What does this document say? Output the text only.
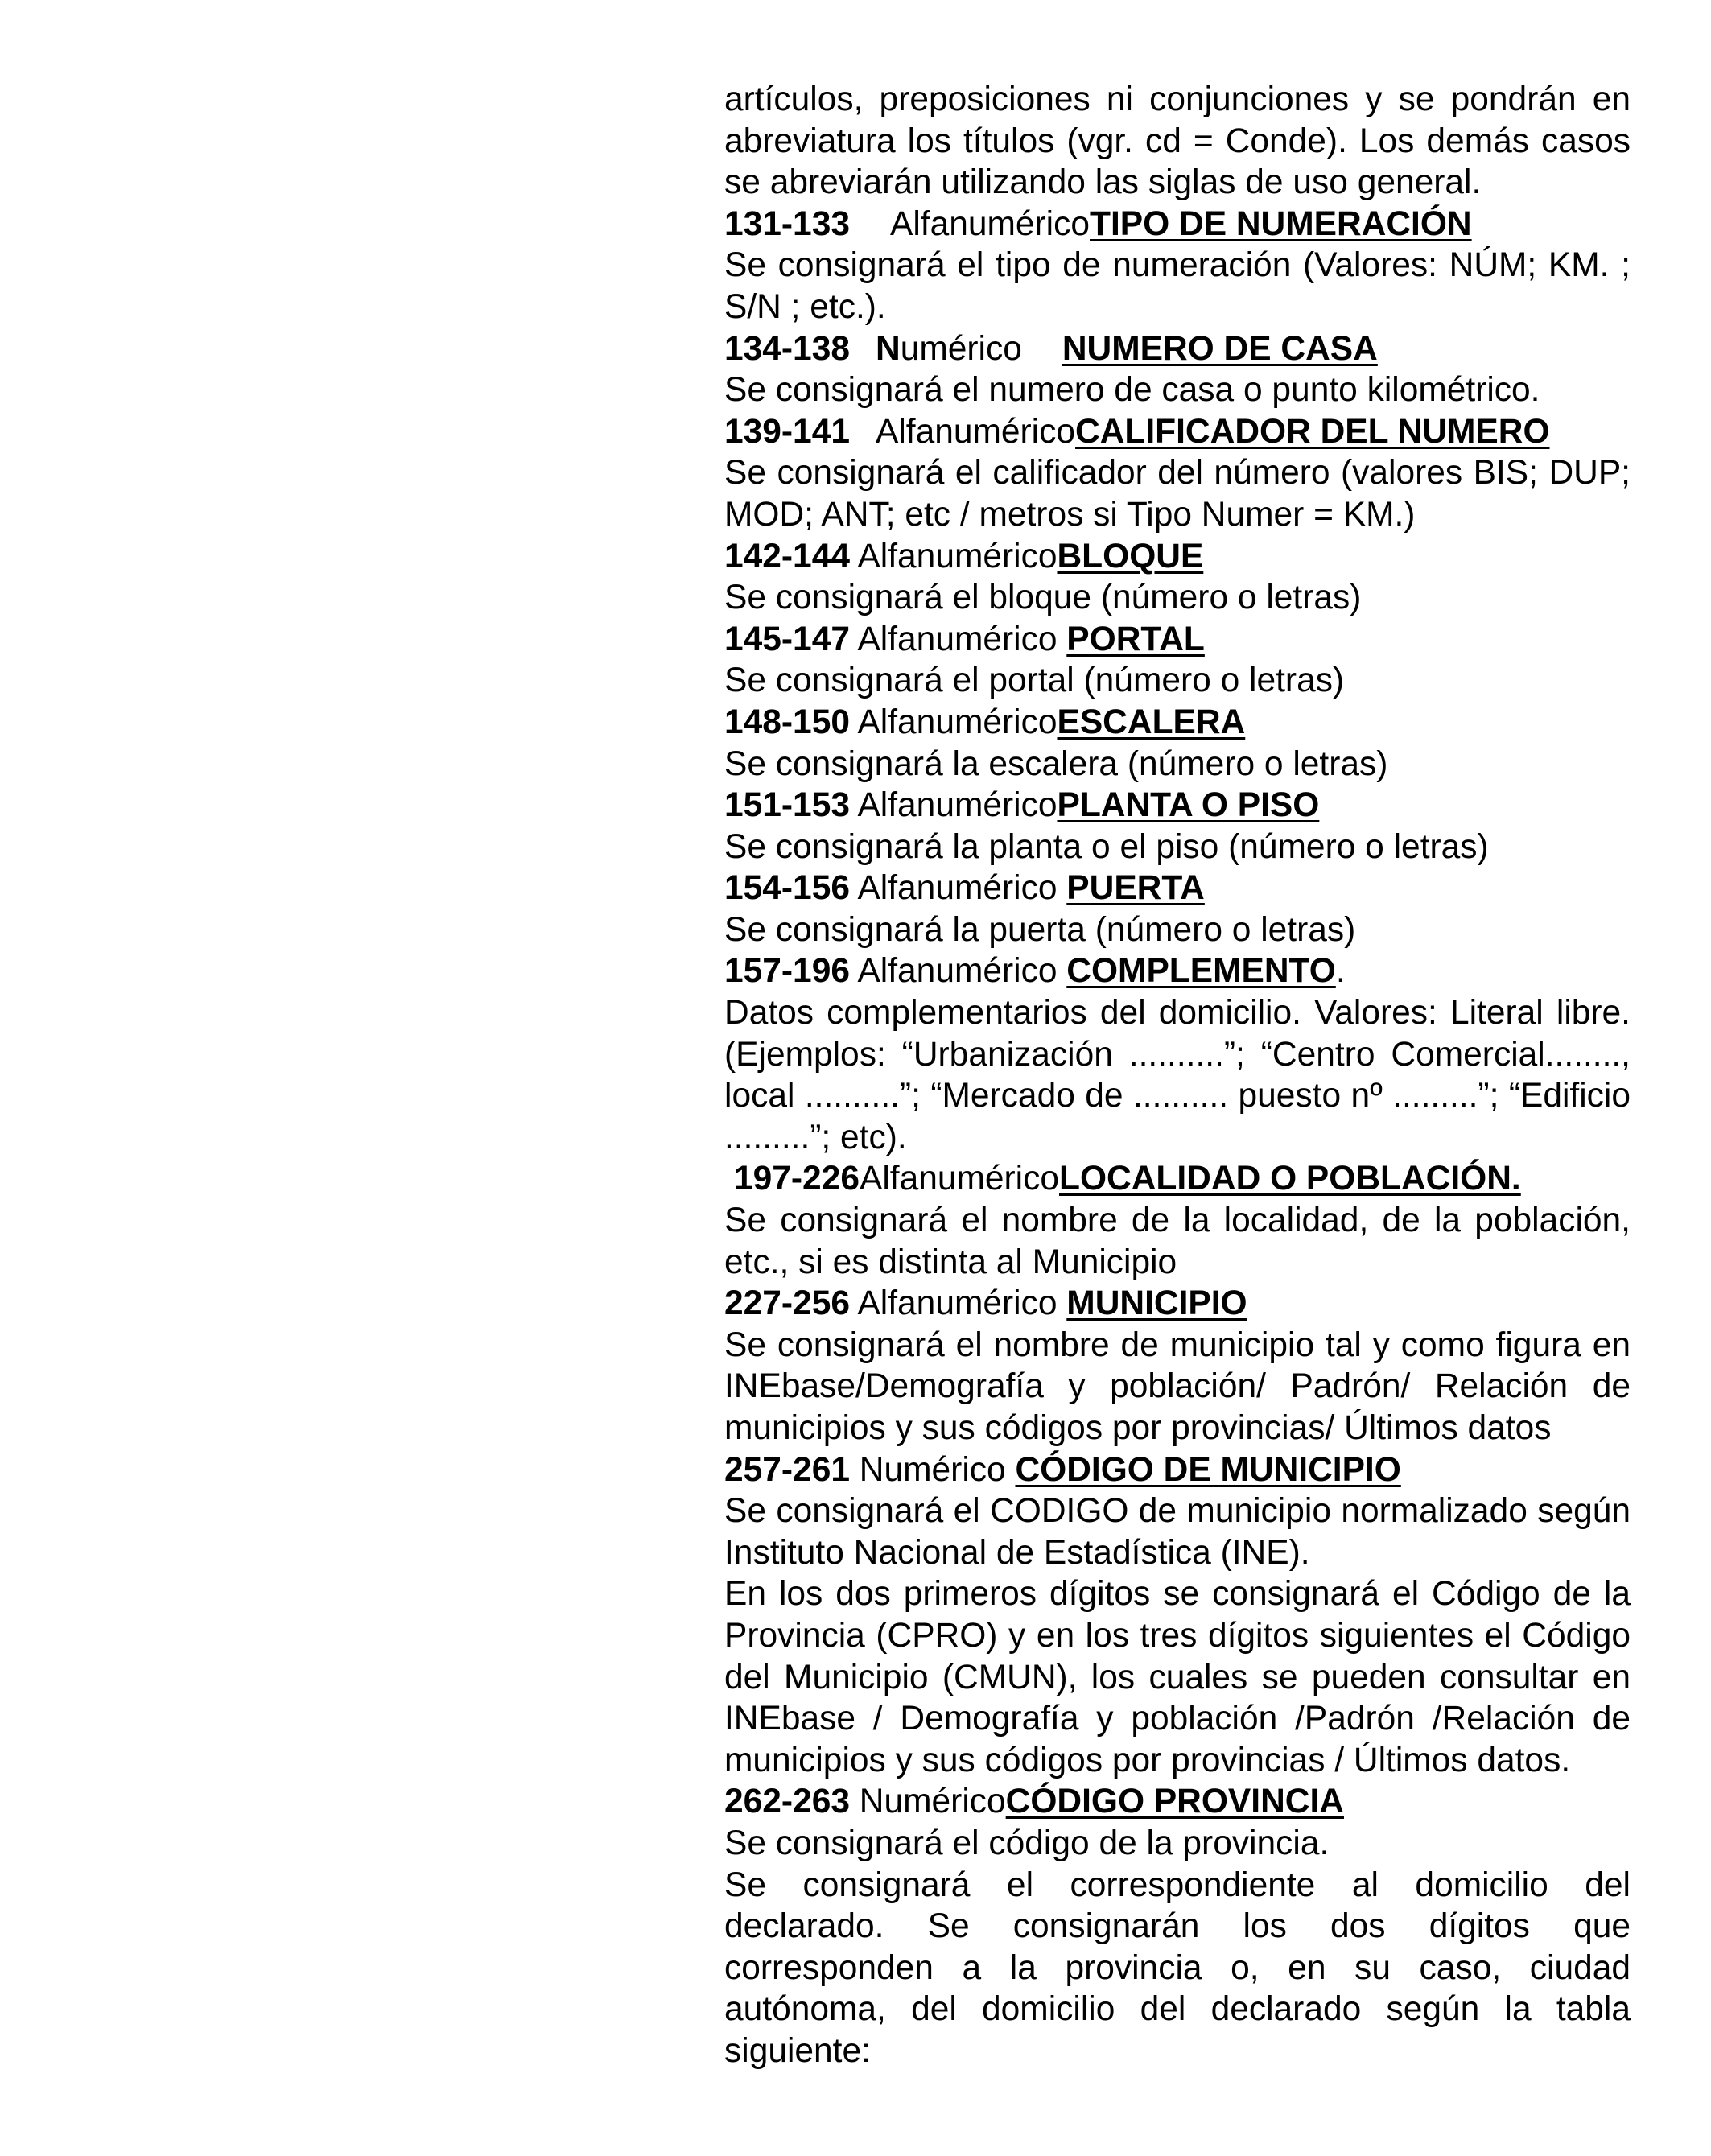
artículos, preposiciones ni conjunciones y se pondrán en abreviatura los títulos (vgr. cd = Conde). Los demás casos se abreviarán utilizando las siglas de uso general.

131-133 AlfanuméricoTIPO DE NUMERACIÓN

Se consignará el tipo de numeración (Valores: NÚM; KM. ; S/N ; etc.).

134-138 Numérico NUMERO DE CASA

Se consignará el numero de casa o punto kilométrico.

139-141 AlfanuméricoCALIFICADOR DEL NUMERO

Se consignará el calificador del número (valores BIS; DUP; MOD; ANT; etc / metros si Tipo Numer = KM.)

142-144 AlfanuméricoBLOQUE

Se consignará el bloque (número o letras)

145-147 Alfanumérico PORTAL

Se consignará el portal (número o letras)

148-150 AlfanuméricoESCALERA

Se consignará la escalera (número o letras)

151-153 AlfanuméricoPLANTA O PISO

Se consignará la planta o el piso (número o letras)

154-156 Alfanumérico PUERTA

Se consignará la puerta (número o letras)

157-196 Alfanumérico COMPLEMENTO.

Datos complementarios del domicilio. Valores: Literal libre. (Ejemplos: “Urbanización ..........”; “Centro Comercial........, local ..........”; “Mercado de .......... puesto nº .........”; “Edificio .........”; etc).

197-226AlfanuméricoLOCALIDAD O POBLACIÓN.

Se consignará el nombre de la localidad, de la población, etc., si es distinta al Municipio

227-256 Alfanumérico MUNICIPIO

Se consignará el nombre de municipio tal y como figura en INEbase/Demografía y población/ Padrón/ Relación de municipios y sus códigos por provincias/ Últimos datos

257-261 Numérico CÓDIGO DE MUNICIPIO

Se consignará el CODIGO de municipio normalizado según Instituto Nacional de Estadística (INE).

En los dos primeros dígitos se consignará el Código de la Provincia (CPRO) y en los tres dígitos siguientes el Código del Municipio (CMUN), los cuales se pueden consultar en INEbase / Demografía y población /Padrón /Relación de municipios y sus códigos por provincias / Últimos datos.

262-263 NuméricoCÓDIGO PROVINCIA

Se consignará el código de la provincia.

Se consignará el correspondiente al domicilio del declarado. Se consignarán los dos dígitos que corresponden a la provincia o, en su caso, ciudad autónoma, del domicilio del declarado según la tabla siguiente:
